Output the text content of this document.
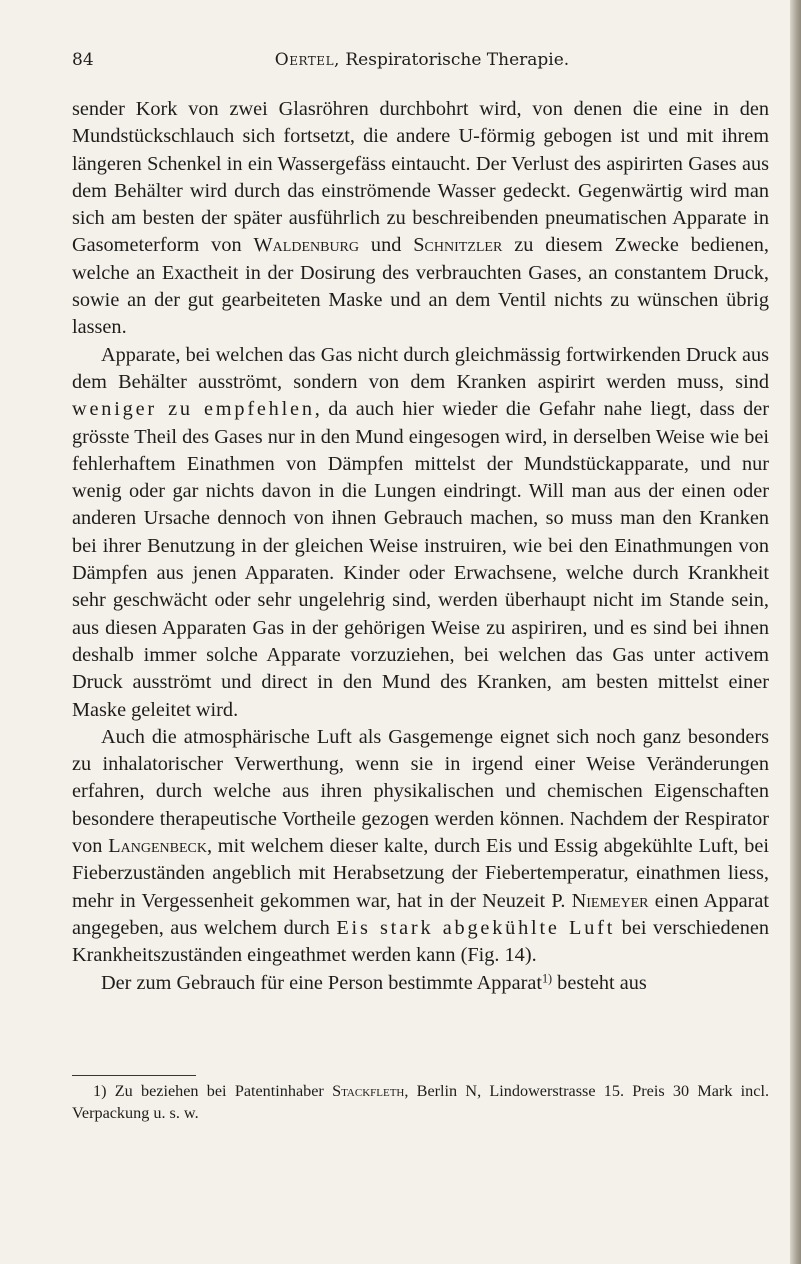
84	Oertel, Respiratorische Therapie.

sender Kork von zwei Glasröhren durchbohrt wird, von denen die eine in den Mundstückschlauch sich fortsetzt, die andere U-förmig gebogen ist und mit ihrem längeren Schenkel in ein Wassergefäss eintaucht. Der Verlust des aspirirten Gases aus dem Behälter wird durch das einströmende Wasser gedeckt. Gegenwärtig wird man sich am besten der später ausführlich zu beschreibenden pneumatischen Apparate in Gasometerform von Waldenburg und Schnitzler zu diesem Zwecke bedienen, welche an Exactheit in der Dosirung des verbrauchten Gases, an constantem Druck, sowie an der gut gearbeiteten Maske und an dem Ventil nichts zu wünschen übrig lassen.

Apparate, bei welchen das Gas nicht durch gleichmässig fortwirkenden Druck aus dem Behälter ausströmt, sondern von dem Kranken aspirirt werden muss, sind weniger zu empfehlen, da auch hier wieder die Gefahr nahe liegt, dass der grösste Theil des Gases nur in den Mund eingesogen wird, in derselben Weise wie bei fehlerhaftem Einathmen von Dämpfen mittelst der Mundstückapparate, und nur wenig oder gar nichts davon in die Lungen eindringt. Will man aus der einen oder anderen Ursache dennoch von ihnen Gebrauch machen, so muss man den Kranken bei ihrer Benutzung in der gleichen Weise instruiren, wie bei den Einathmungen von Dämpfen aus jenen Apparaten. Kinder oder Erwachsene, welche durch Krankheit sehr geschwächt oder sehr ungelehrig sind, werden überhaupt nicht im Stande sein, aus diesen Apparaten Gas in der gehörigen Weise zu aspiriren, und es sind bei ihnen deshalb immer solche Apparate vorzuziehen, bei welchen das Gas unter activem Druck ausströmt und direct in den Mund des Kranken, am besten mittelst einer Maske geleitet wird.

Auch die atmosphärische Luft als Gasgemenge eignet sich noch ganz besonders zu inhalatorischer Verwerthung, wenn sie in irgend einer Weise Veränderungen erfahren, durch welche aus ihren physikalischen und chemischen Eigenschaften besondere therapeutische Vortheile gezogen werden können. Nachdem der Respirator von Langenbeck, mit welchem dieser kalte, durch Eis und Essig abgekühlte Luft, bei Fieberzuständen angeblich mit Herabsetzung der Fiebertemperatur, einathmen liess, mehr in Vergessenheit gekommen war, hat in der Neuzeit P. Niemeyer einen Apparat angegeben, aus welchem durch Eis stark abgekühlte Luft bei verschiedenen Krankheitszuständen eingeathmet werden kann (Fig. 14).

Der zum Gebrauch für eine Person bestimmte Apparat$^{1)}$ besteht aus

1) Zu beziehen bei Patentinhaber Stackfleth, Berlin N, Lindowerstrasse 15. Preis 30 Mark incl. Verpackung u. s. w.
